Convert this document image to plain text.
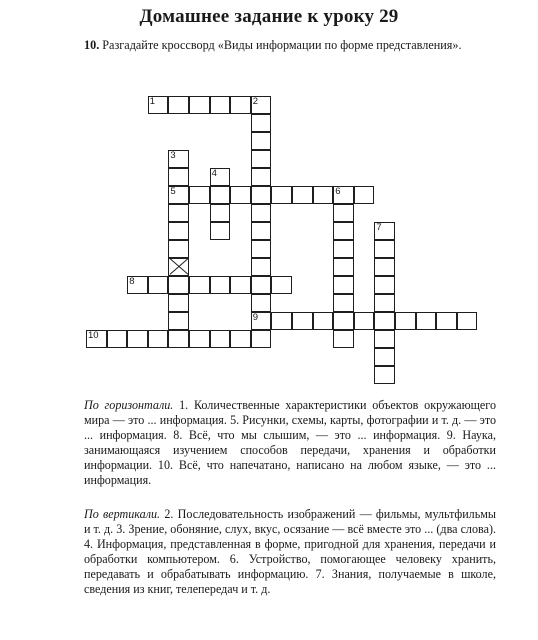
Домашнее задание к уроку 29
10. Разгадайте кроссворд «Виды информации по форме представления».
1	2
9
3
5
4
6
7
8
10
По горизонтали. 1. Количественные характеристики объектов окружающего мира — это ... информация. 5. Рисунки, схемы, карты, фотографии и т. д. — это ... информация. 8. Всё, что мы слышим, — это ... информация. 9. Наука, занимающаяся изучением способов передачи, хранения и обработки информации. 10. Всё, что напечатано, написано на любом языке, — это ... информация.
По вертикали. 2. Последовательность изображений — фильмы, мультфильмы и т. д. 3. Зрение, обоняние, слух, вкус, осязание — всё вместе это ... (два слова). 4. Информация, представленная в форме, пригодной для хранения, передачи и обработки компьютером. 6. Устройство, помогающее человеку хранить, передавать и обрабатывать информацию. 7. Знания, получаемые в школе, сведения из книг, телепередач и т. д.
